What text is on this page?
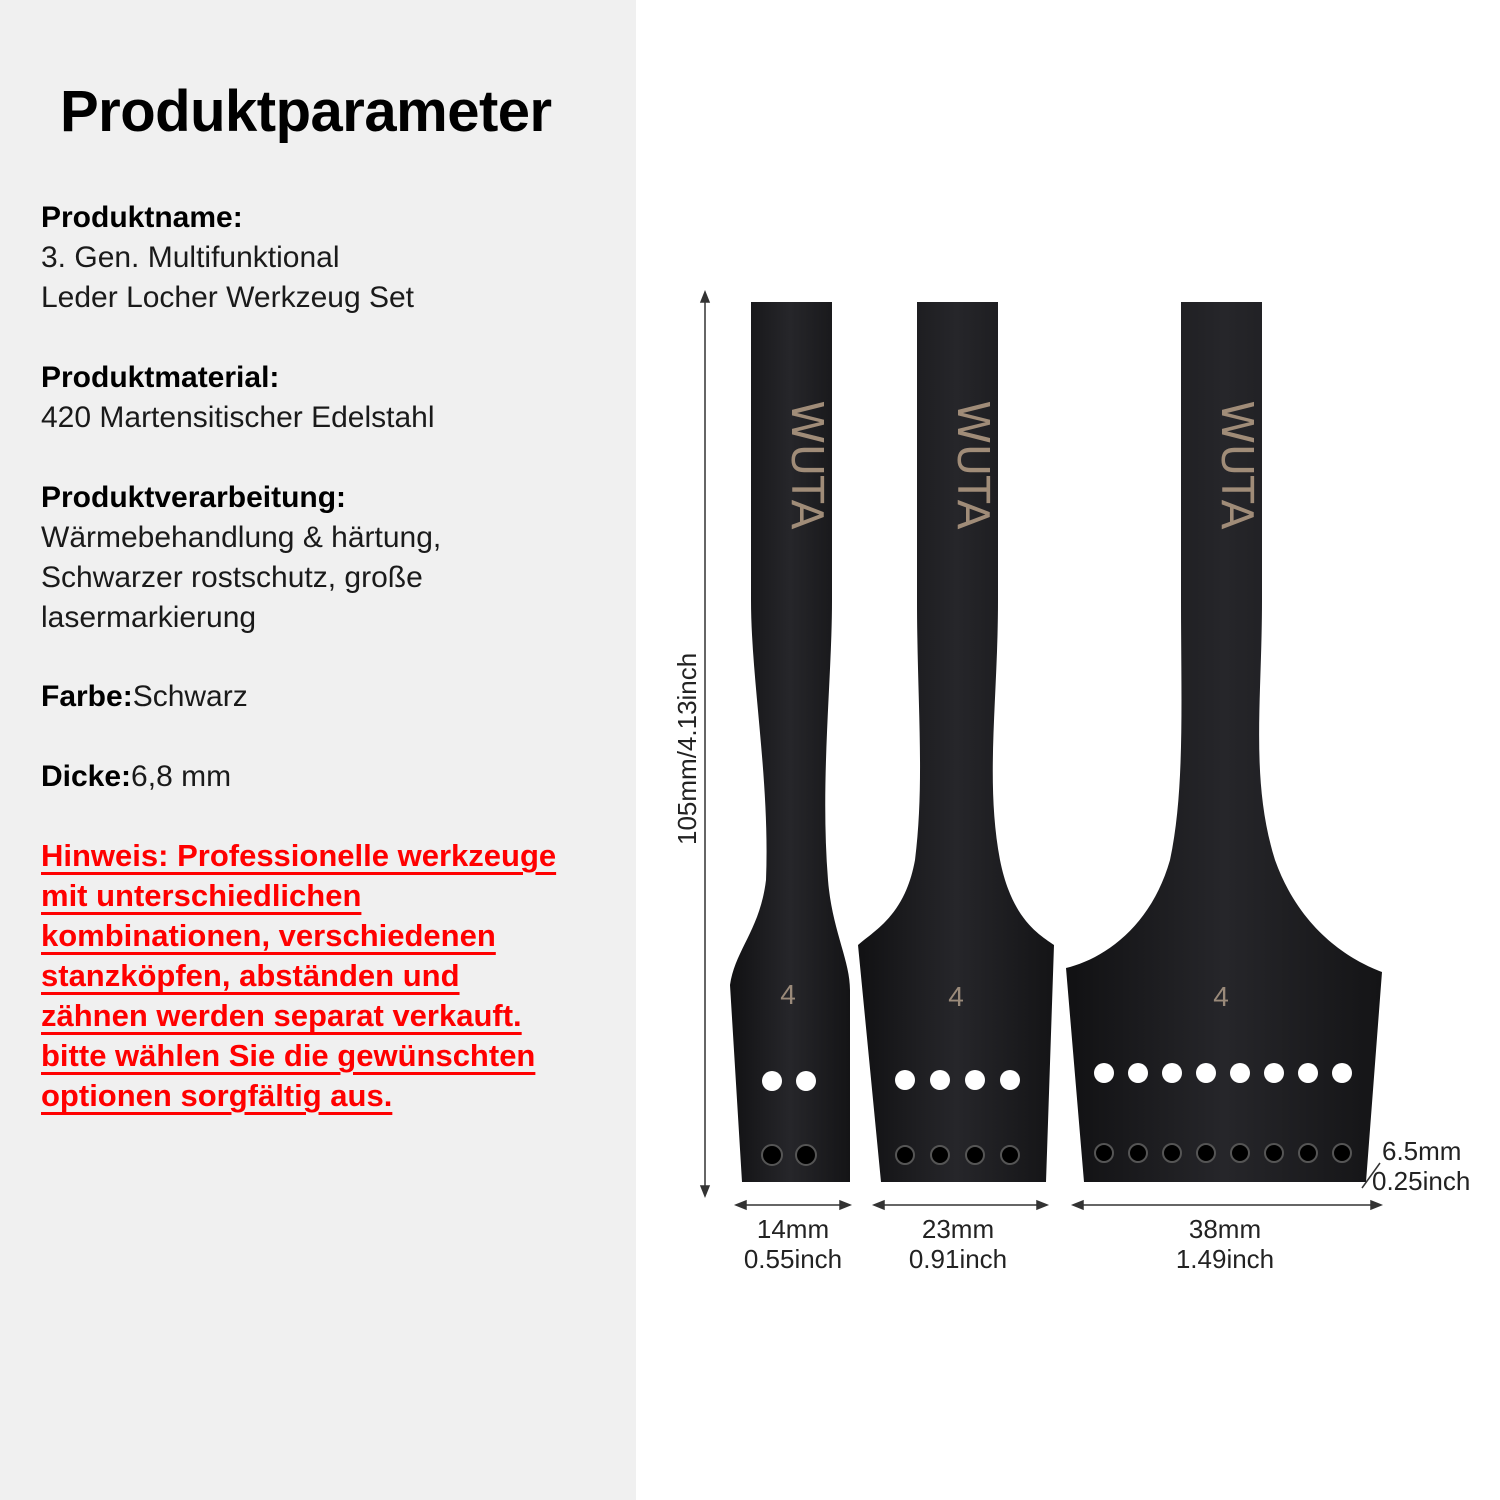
Produktparameter
Produktname:
3. Gen. Multifunktional
Leder Locher Werkzeug Set
Produktmaterial:
420 Martensitischer Edelstahl
Produktverarbeitung:
Wärmebehandlung & härtung,
Schwarzer rostschutz, große
lasermarkierung
Farbe:Schwarz
Dicke:6,8 mm
Hinweis: Professionelle werkzeuge
mit unterschiedlichen
kombinationen, verschiedenen
stanzköpfen, abständen und
zähnen werden separat verkauft.
bitte wählen Sie die gewünschten
optionen sorgfältig aus.
WUTA
4
WUTA
4
WUTA
4
105mm/4.13inch
14mm
0.55inch
23mm
0.91inch
38mm
1.49inch
6.5mm
0.25inch
